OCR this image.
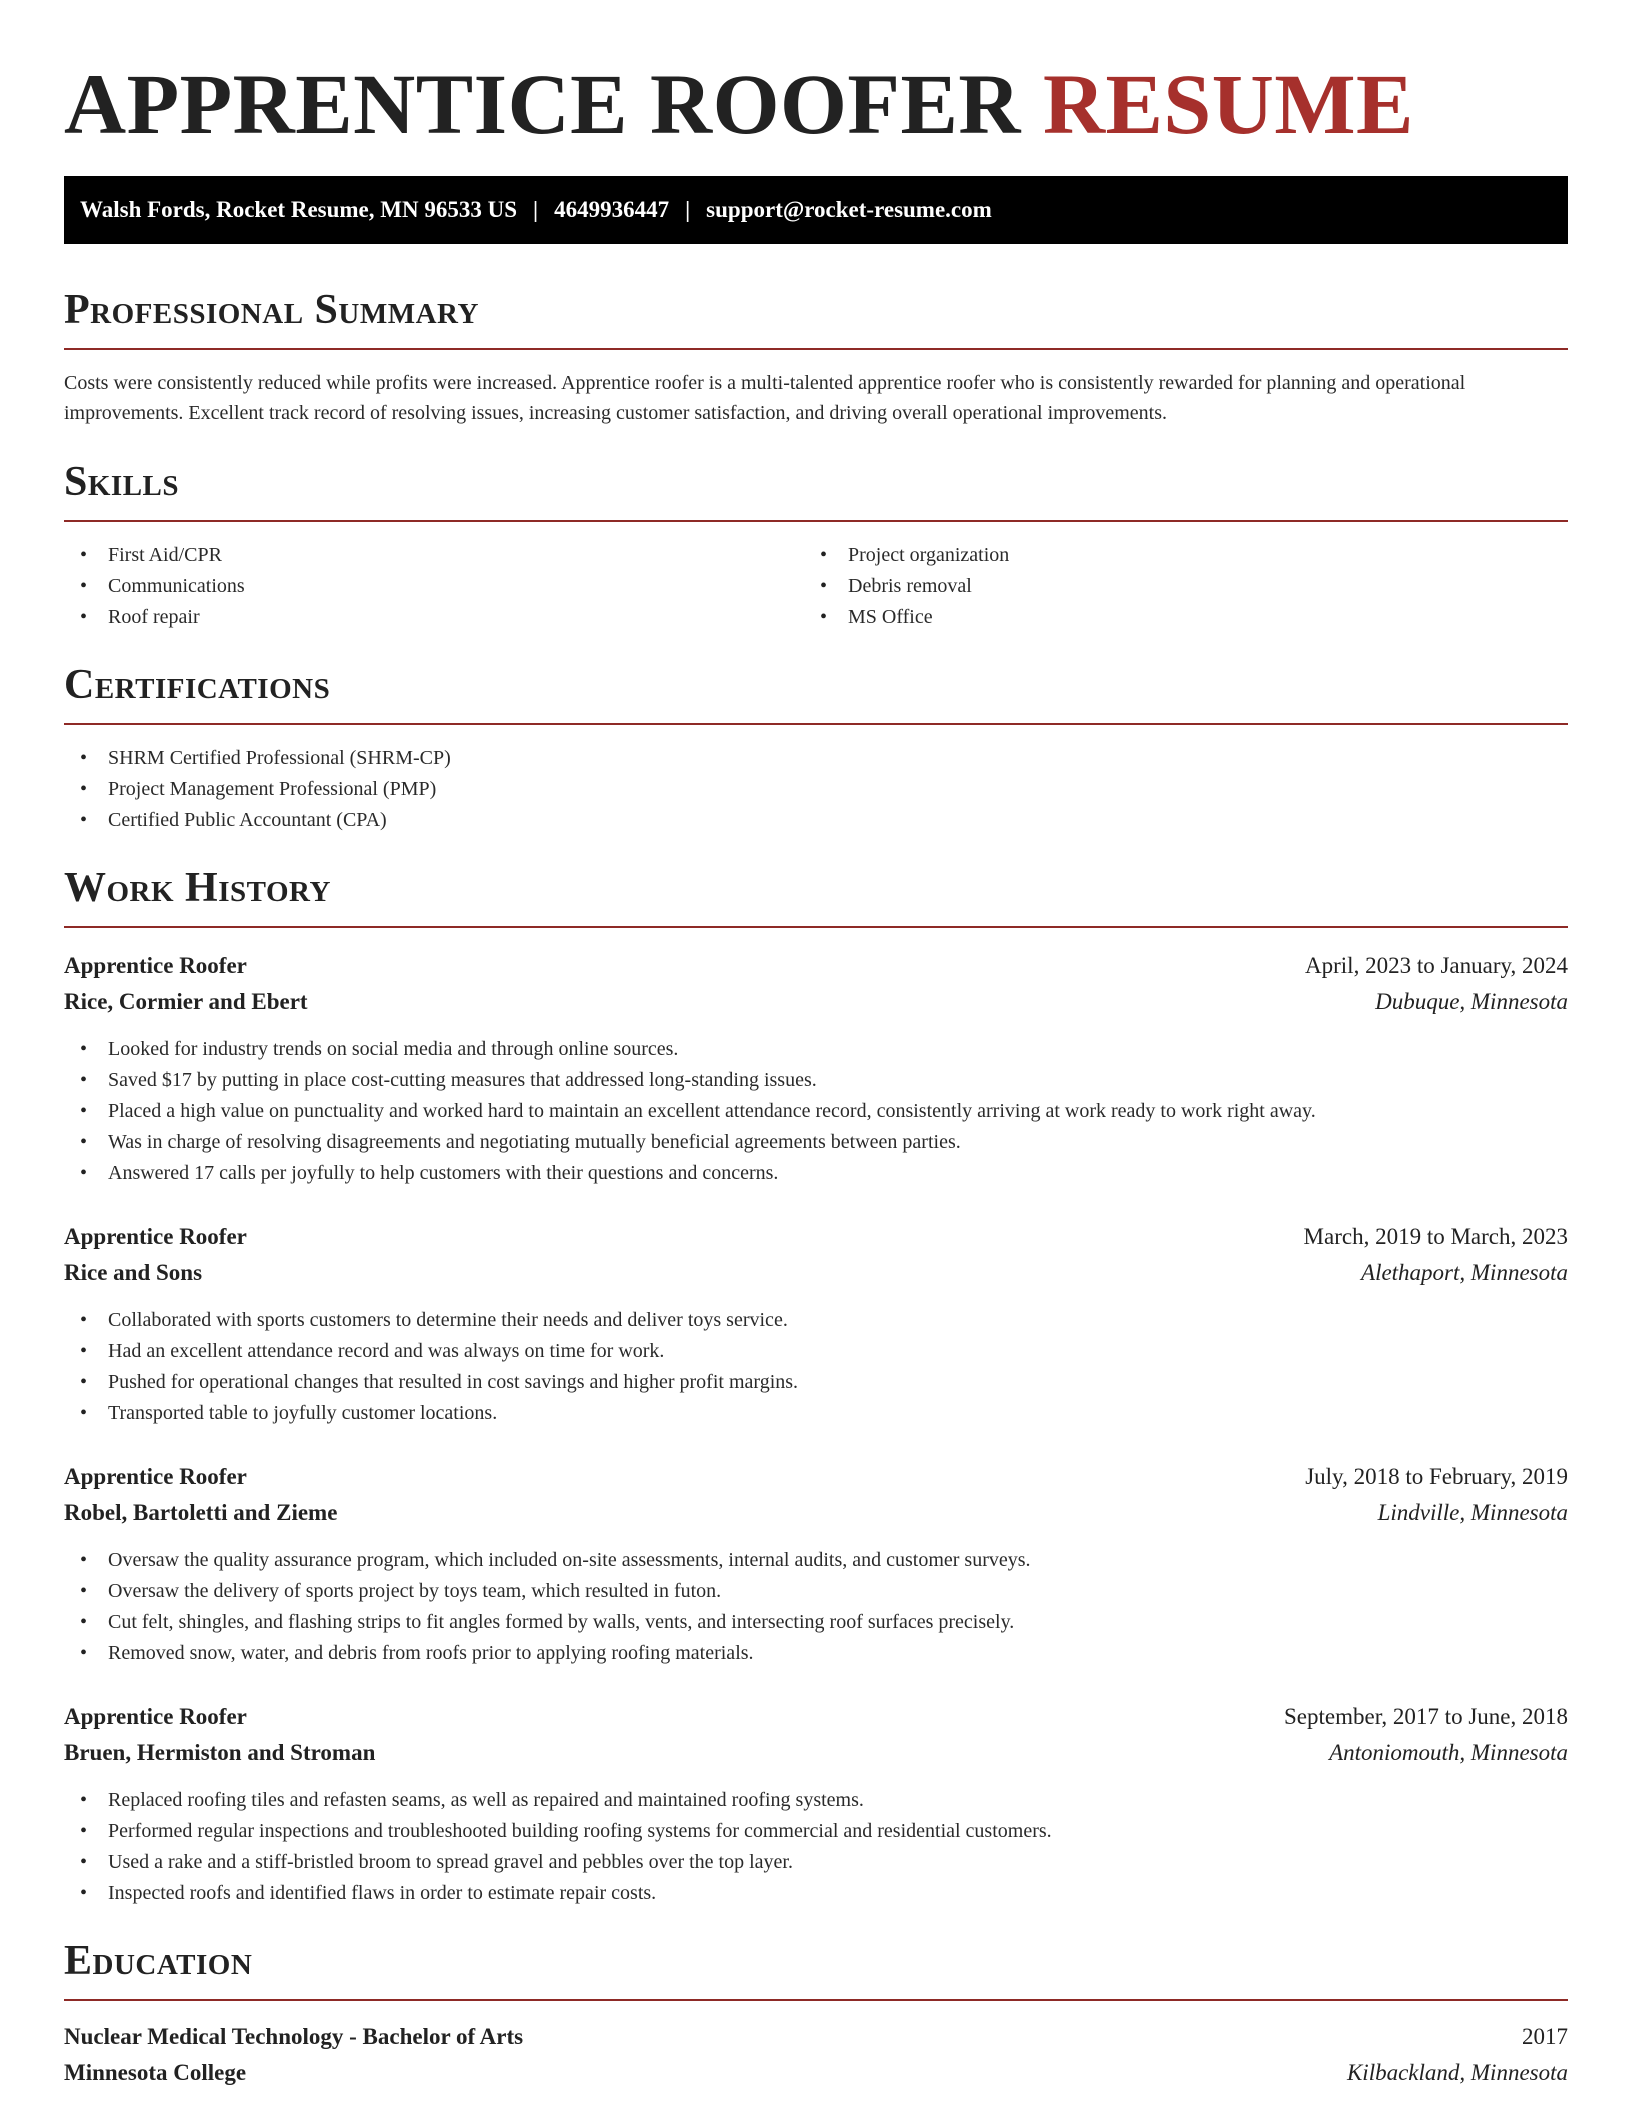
APPRENTICE ROOFER RESUME
Walsh Fords, Rocket Resume, MN 96533 US | 4649936447 | support@rocket-resume.com
Professional Summary

Costs were consistently reduced while profits were increased. Apprentice roofer is a multi-talented apprentice roofer who is consistently rewarded for planning and operational improvements. Excellent track record of resolving issues, increasing customer satisfaction, and driving overall operational improvements.

Skills
• First Aid/CPR
• Communications
• Roof repair
• Project organization
• Debris removal
• MS Office
Certifications
• SHRM Certified Professional (SHRM-CP)
• Project Management Professional (PMP)
• Certified Public Accountant (CPA)
Work History
Apprentice Roofer	April, 2023 to January, 2024
Rice, Cormier and Ebert	Dubuque, Minnesota
• Looked for industry trends on social media and through online sources.
• Saved $17 by putting in place cost-cutting measures that addressed long-standing issues.
• Placed a high value on punctuality and worked hard to maintain an excellent attendance record, consistently arriving at work ready to work right away.
• Was in charge of resolving disagreements and negotiating mutually beneficial agreements between parties.
• Answered 17 calls per joyfully to help customers with their questions and concerns.
Apprentice Roofer	March, 2019 to March, 2023
Rice and Sons	Alethaport, Minnesota
• Collaborated with sports customers to determine their needs and deliver toys service.
• Had an excellent attendance record and was always on time for work.
• Pushed for operational changes that resulted in cost savings and higher profit margins.
• Transported table to joyfully customer locations.
Apprentice Roofer	July, 2018 to February, 2019
Robel, Bartoletti and Zieme	Lindville, Minnesota
• Oversaw the quality assurance program, which included on-site assessments, internal audits, and customer surveys.
• Oversaw the delivery of sports project by toys team, which resulted in futon.
• Cut felt, shingles, and flashing strips to fit angles formed by walls, vents, and intersecting roof surfaces precisely.
• Removed snow, water, and debris from roofs prior to applying roofing materials.
Apprentice Roofer	September, 2017 to June, 2018
Bruen, Hermiston and Stroman	Antoniomouth, Minnesota
• Replaced roofing tiles and refasten seams, as well as repaired and maintained roofing systems.
• Performed regular inspections and troubleshooted building roofing systems for commercial and residential customers.
• Used a rake and a stiff-bristled broom to spread gravel and pebbles over the top layer.
• Inspected roofs and identified flaws in order to estimate repair costs.
Education
Nuclear Medical Technology - Bachelor of Arts	2017
Minnesota College	Kilbackland, Minnesota
